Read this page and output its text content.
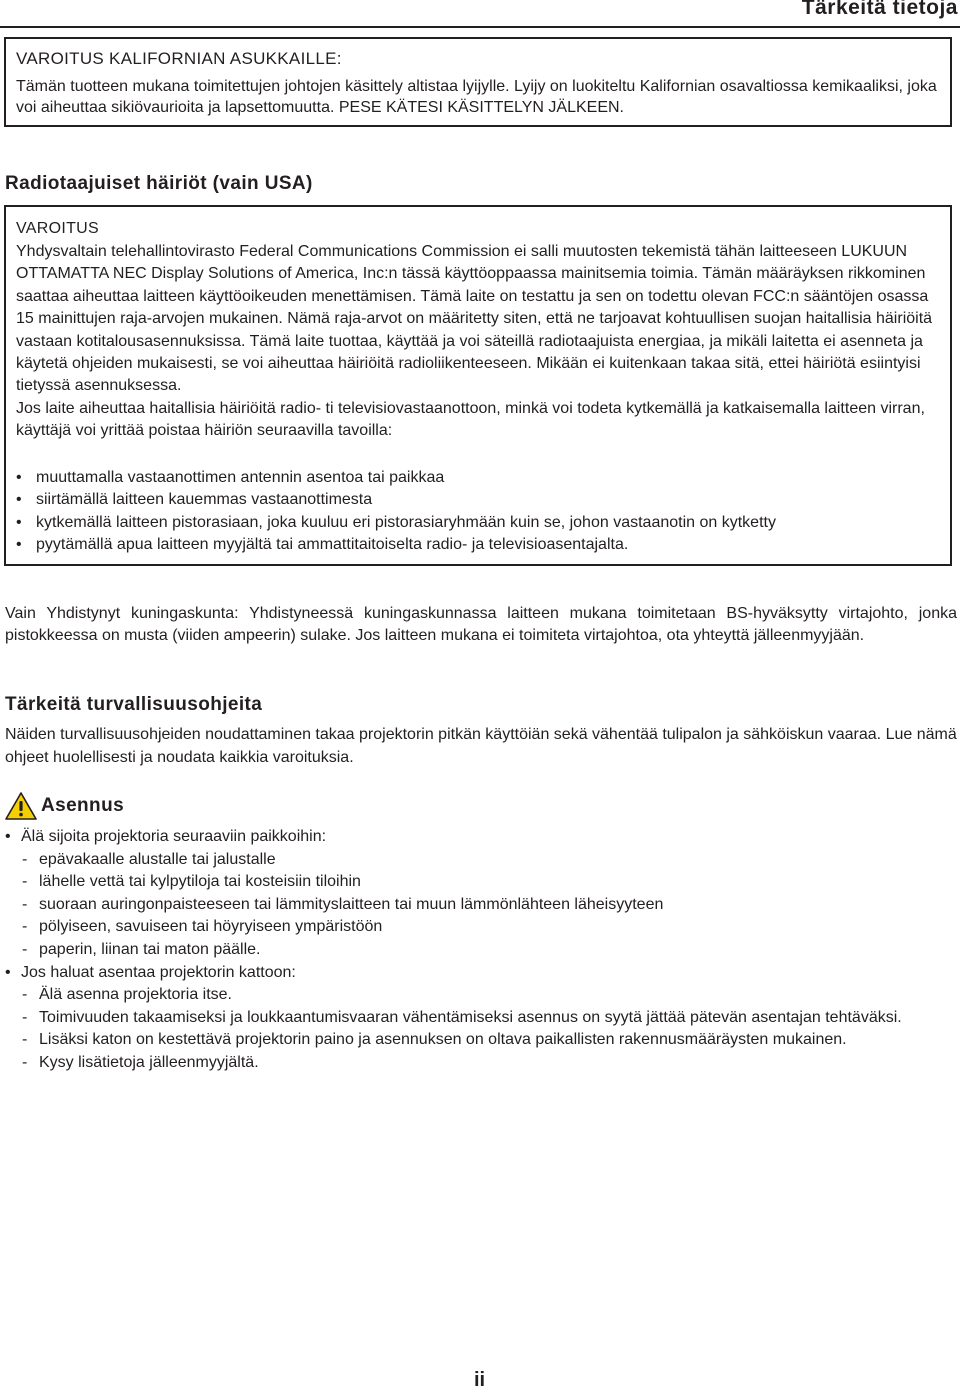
Tärkeitä tietoja

VAROITUS KALIFORNIAN ASUKKAILLE:

Tämän tuotteen mukana toimitettujen johtojen käsittely altistaa lyijylle. Lyijy on luokiteltu Kalifornian osavaltiossa kemikaaliksi, joka voi aiheuttaa sikiövaurioita ja lapsettomuutta. PESE KÄTESI KÄSITTELYN JÄLKEEN.

Radiotaajuiset häiriöt (vain USA)

VAROITUS

Yhdysvaltain telehallintovirasto Federal Communications Commission ei salli muutosten tekemistä tähän laitteeseen LUKUUN OTTAMATTA NEC Display Solutions of America, Inc:n tässä käyttöoppaassa mainitsemia toimia. Tämän määräyksen rikkominen saattaa aiheuttaa laitteen käyttöoikeuden menettämisen. Tämä laite on testattu ja sen on todettu olevan FCC:n sääntöjen osassa 15 mainittujen raja-arvojen mukainen. Nämä raja-arvot on määritetty siten, että ne tarjoavat kohtuullisen suojan haitallisia häiriöitä vastaan kotitalousasennuksissa. Tämä laite tuottaa, käyttää ja voi säteillä radiotaajuista energiaa, ja mikäli laitetta ei asenneta ja käytetä ohjeiden mukaisesti, se voi aiheuttaa häiriöitä radioliikenteeseen. Mikään ei kuitenkaan takaa sitä, ettei häiriötä esiintyisi tietyssä asennuksessa.

Jos laite aiheuttaa haitallisia häiriöitä radio- ti televisiovastaanottoon, minkä voi todeta kytkemällä ja katkaisemalla laitteen virran, käyttäjä voi yrittää poistaa häiriön seuraavilla tavoilla:

• muuttamalla vastaanottimen antennin asentoa tai paikkaa
• siirtämällä laitteen kauemmas vastaanottimesta
• kytkemällä laitteen pistorasiaan, joka kuuluu eri pistorasiaryhmään kuin se, johon vastaanotin on kytketty
• pyytämällä apua laitteen myyjältä tai ammattitaitoiselta radio- ja televisioasentajalta.

Vain Yhdistynyt kuningaskunta: Yhdistyneessä kuningaskunnassa laitteen mukana toimitetaan BS-hyväksytty virtajohto, jonka pistokkeessa on musta (viiden ampeerin) sulake. Jos laitteen mukana ei toimiteta virtajohtoa, ota yhteyttä jälleenmyyjään.

Tärkeitä turvallisuusohjeita

Näiden turvallisuusohjeiden noudattaminen takaa projektorin pitkän käyttöiän sekä vähentää tulipalon ja sähköiskun vaaraa. Lue nämä ohjeet huolellisesti ja noudata kaikkia varoituksia.

Asennus
• Älä sijoita projektoria seuraaviin paikkoihin:
- epävakaalle alustalle tai jalustalle
- lähelle vettä tai kylpytiloja tai kosteisiin tiloihin
- suoraan auringonpaisteeseen tai lämmityslaitteen tai muun lämmönlähteen läheisyyteen
- pölyiseen, savuiseen tai höyryiseen ympäristöön
- paperin, liinan tai maton päälle.
• Jos haluat asentaa projektorin kattoon:
- Älä asenna projektoria itse.
- Toimivuuden takaamiseksi ja loukkaantumisvaaran vähentämiseksi asennus on syytä jättää pätevän asentajan tehtäväksi.
- Lisäksi katon on kestettävä projektorin paino ja asennuksen on oltava paikallisten rakennusmääräysten mukainen.
- Kysy lisätietoja jälleenmyyjältä.
ii
